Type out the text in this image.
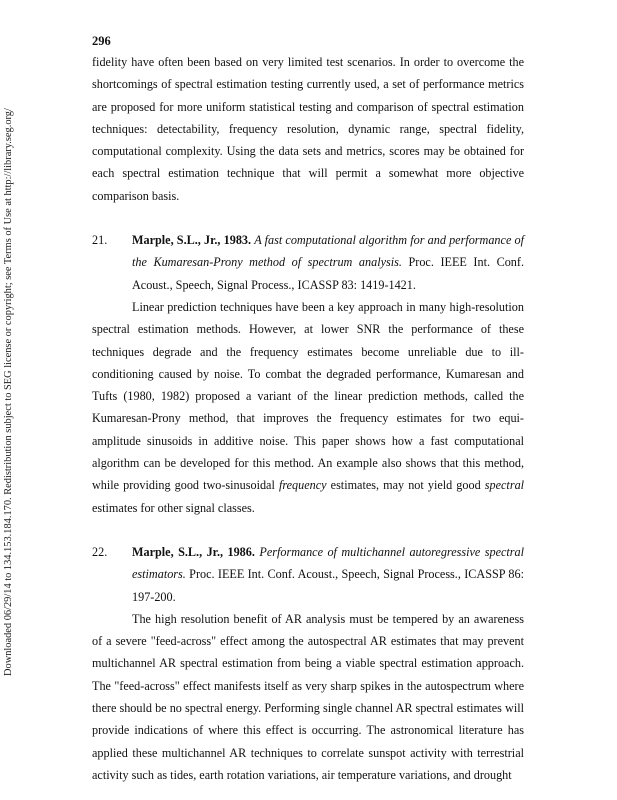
296
Downloaded 06/29/14 to 134.153.184.170. Redistribution subject to SEG license or copyright; see Terms of Use at http://library.seg.org/

fidelity have often been based on very limited test scenarios. In order to overcome the shortcomings of spectral estimation testing currently used, a set of performance metrics are proposed for more uniform statistical testing and comparison of spectral estimation techniques: detectability, frequency resolution, dynamic range, spectral fidelity, computational complexity. Using the data sets and metrics, scores may be obtained for each spectral estimation technique that will permit a somewhat more objective comparison basis.

21. Marple, S.L., Jr., 1983. A fast computational algorithm for and performance of the Kumaresan-Prony method of spectrum analysis. Proc. IEEE Int. Conf. Acoust., Speech, Signal Process., ICASSP 83: 1419-1421.

Linear prediction techniques have been a key approach in many high-resolution spectral estimation methods. However, at lower SNR the performance of these techniques degrade and the frequency estimates become unreliable due to ill-conditioning caused by noise. To combat the degraded performance, Kumaresan and Tufts (1980, 1982) proposed a variant of the linear prediction methods, called the Kumaresan-Prony method, that improves the frequency estimates for two equi-amplitude sinusoids in additive noise. This paper shows how a fast computational algorithm can be developed for this method. An example also shows that this method, while providing good two-sinusoidal frequency estimates, may not yield good spectral estimates for other signal classes.

22. Marple, S.L., Jr., 1986. Performance of multichannel autoregressive spectral estimators. Proc. IEEE Int. Conf. Acoust., Speech, Signal Process., ICASSP 86: 197-200.

The high resolution benefit of AR analysis must be tempered by an awareness of a severe "feed-across" effect among the autospectral AR estimates that may prevent multichannel AR spectral estimation from being a viable spectral estimation approach. The "feed-across" effect manifests itself as very sharp spikes in the autospectrum where there should be no spectral energy. Performing single channel AR spectral estimates will provide indications of where this effect is occurring. The astronomical literature has applied these multichannel AR techniques to correlate sunspot activity with terrestrial activity such as tides, earth rotation variations, air temperature variations, and drought
